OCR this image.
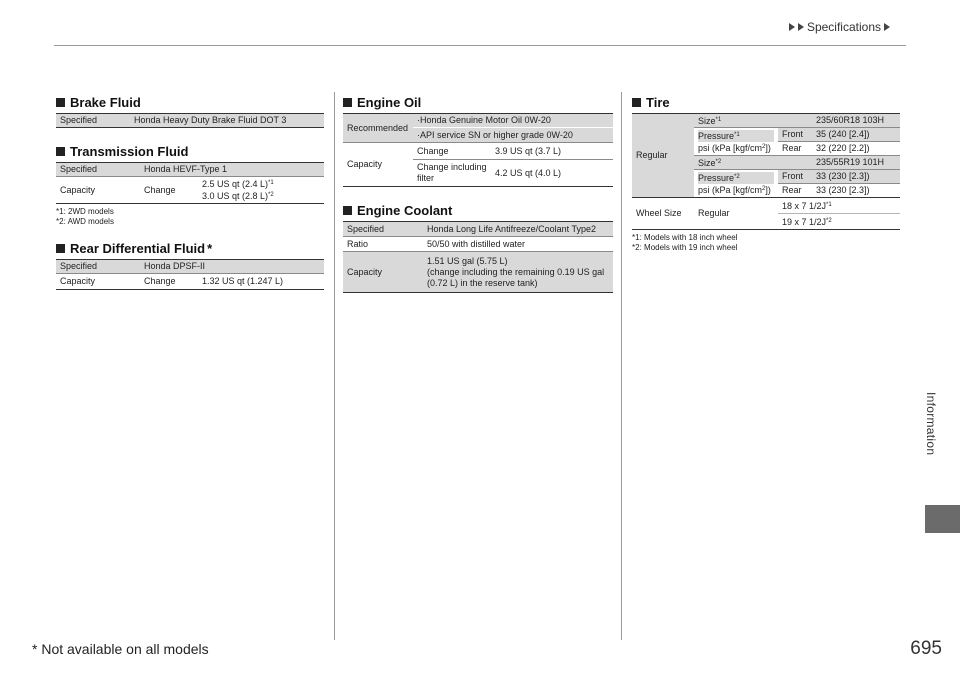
Specifications
Brake Fluid
Specified	Honda Heavy Duty Brake Fluid DOT 3
Transmission Fluid
Specified	Honda HEVF-Type 1	
Capacity	Change	2.5 US qt (2.4 L)$^{*1}$
3.0 US qt (2.8 L)$^{*2}$
*1: 2WD models
*2: AWD models
Rear Differential Fluid *
Specified	Honda DPSF-II	
Capacity	Change	1.32 US qt (1.247 L)
Engine Oil
Recommended	·Honda Genuine Motor Oil 0W-20	
	·API service SN or higher grade 0W-20	
Capacity	Change	3.9 US qt (3.7 L)

	Change including
filter	4.2 US qt (4.0 L)
Engine Coolant
Specified	Honda Long Life Antifreeze/Coolant Type2
Ratio	50/50 with distilled water
Capacity	1.51 US gal (5.75 L)
(change including the remaining 0.19 US gal
(0.72 L) in the reserve tank)
Tire
Regular	Size$^{*1}$		235/60R18 103H

	Pressure$^{*1}$
psi (kPa $[kgf/cm^2]$)	Front	35 (240 [2.4])
		Rear	32 (220 [2.2])
	Size$^{*2}$		235/55R19 101H

	Pressure$^{*2}$
psi (kPa $[kgf/cm^2]$)	Front	33 (230 [2.3])
		Rear	33 (230 [2.3])
Wheel Size	Regular	18 x 7 $1/2J^{*1}$
		19 x 7 $1/2J^{*2}$
*1: Models with 18 inch wheel
*2: Models with 19 inch wheel
Information
* Not available on all models	695
